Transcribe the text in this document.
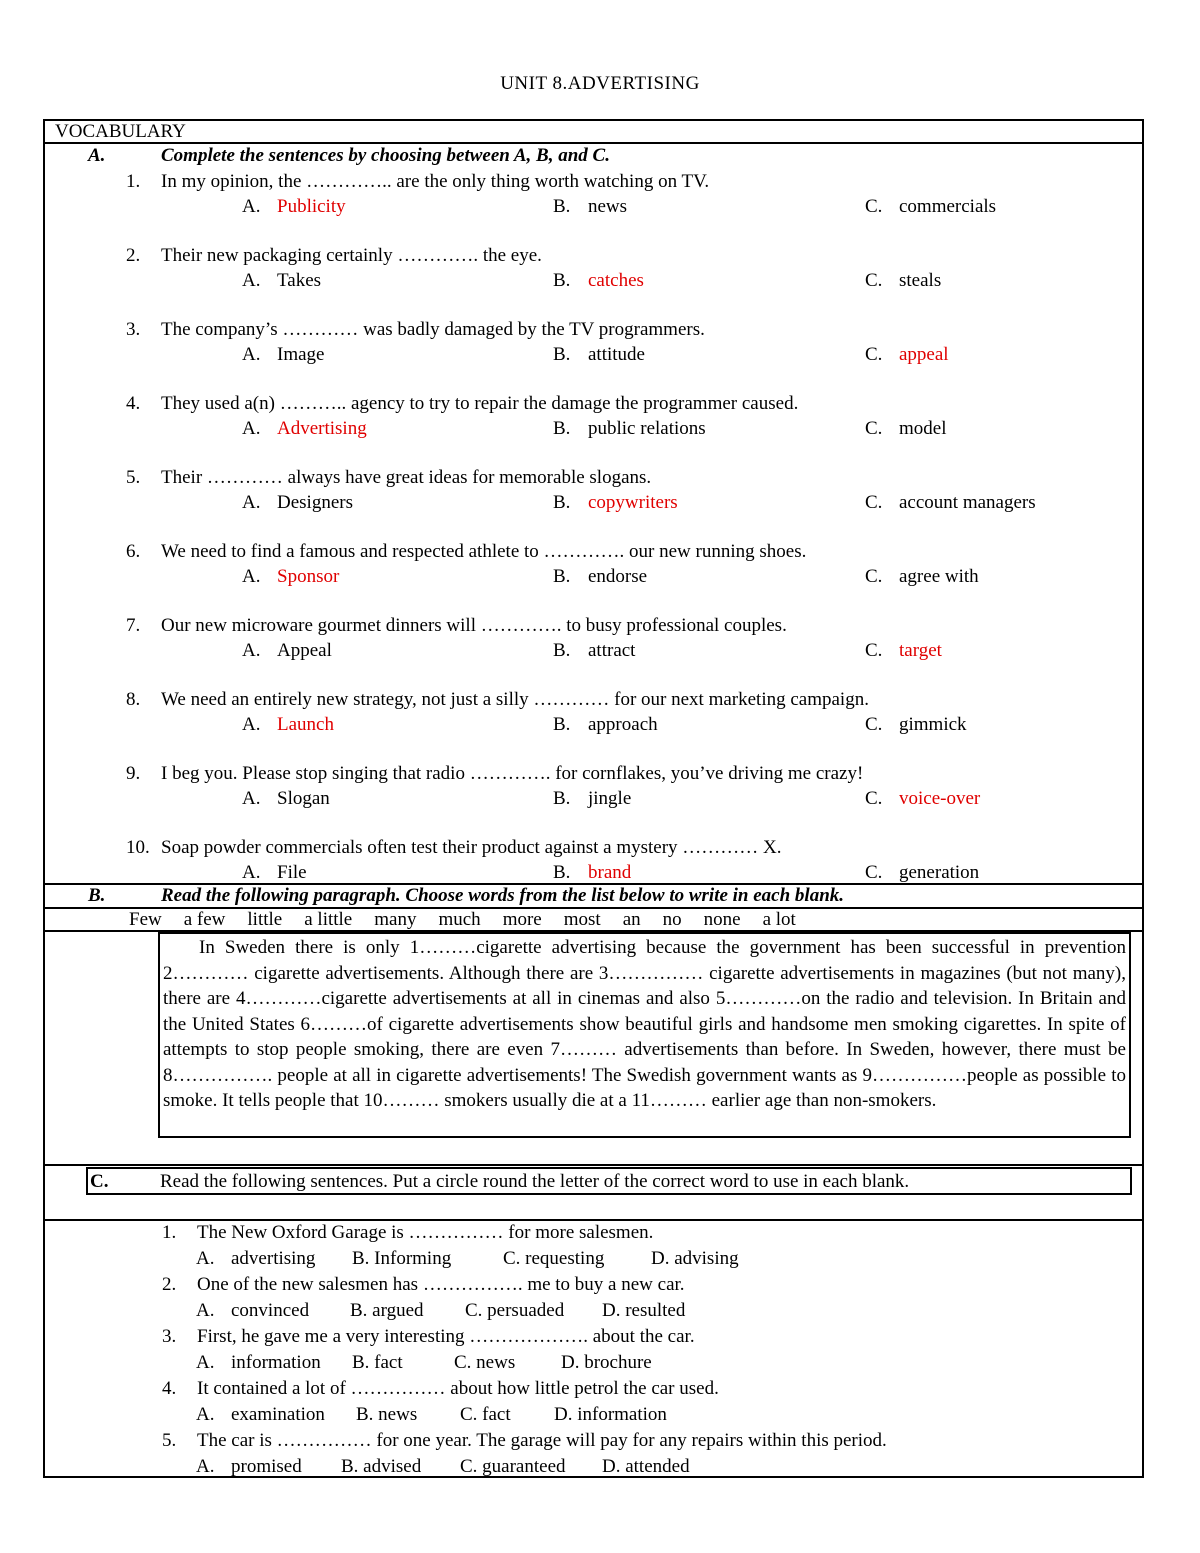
UNIT 8.ADVERTISING
VOCABULARY
A.	Complete the sentences by choosing between A, B, and C.
1. In my opinion, the ………….. are the only thing worth watching on TV.
A. Publicity	B. news	C. commercials
2. Their new packaging certainly …………. the eye.
A. Takes	B. catches	C. steals
3. The company’s ………… was badly damaged by the TV programmers.
A. Image	B. attitude	C. appeal
4. They used a(n) ……….. agency to try to repair the damage the programmer caused.
A. Advertising	B. public relations	C. model
5. Their ………… always have great ideas for memorable slogans.
A. Designers	B. copywriters	C. account managers
6. We need to find a famous and respected athlete to …………. our new running shoes.
A. Sponsor	B. endorse	C. agree with
7. Our new microware gourmet dinners will …………. to busy professional couples.
A. Appeal	B. attract	C. target
8. We need an entirely new strategy, not just a silly ………… for our next marketing campaign.
A. Launch	B. approach	C. gimmick
9. I beg you. Please stop singing that radio …………. for cornflakes, you’ve driving me crazy!
A. Slogan	B. jingle	C. voice-over
10. Soap powder commercials often test their product against a mystery ………… X.
A. File	B. brand	C. generation
B.	Read the following paragraph. Choose words from the list below to write in each blank.
Few a few little a little many much more most an no none a lot

In Sweden there is only 1………cigarette advertising because the government has been successful in prevention 2………… cigarette advertisements. Although there are 3…………… cigarette advertisements in magazines (but not many), there are 4…………cigarette advertisements at all in cinemas and also 5…………on the radio and television. In Britain and the United States 6………of cigarette advertisements show beautiful girls and handsome men smoking cigarettes. In spite of attempts to stop people smoking, there are even 7……… advertisements than before. In Sweden, however, there must be 8……………. people at all in cigarette advertisements! The Swedish government wants as 9……………people as possible to smoke. It tells people that 10……… smokers usually die at a 11……… earlier age than non-smokers.

C.	Read the following sentences. Put a circle round the letter of the correct word to use in each blank.
1. The New Oxford Garage is …………… for more salesmen.
A. advertising B. Informing	C. requesting D. advising
2. One of the new salesmen has ……………. me to buy a new car.
A. convinced B. argued C. persuaded D. resulted
3. First, he gave me a very interesting ………………. about the car.
A. information B. fact	C. news D. brochure
4. It contained a lot of …………… about how little petrol the car used.
A. examination B. news C. fact D. information
5. The car is …………… for one year. The garage will pay for any repairs within this period.
A. promised B. advised C. guaranteed D. attended
